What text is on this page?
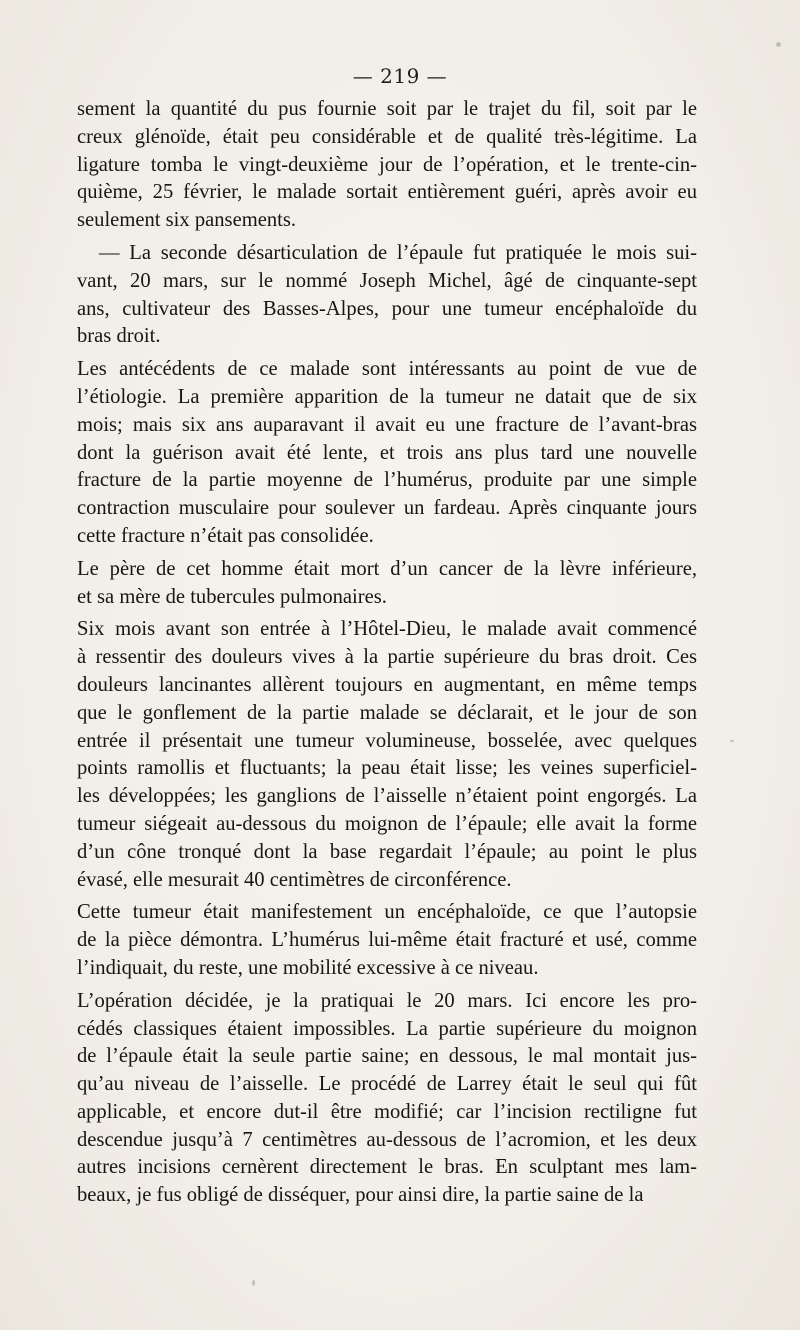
— 219 —
sement la quantité du pus fournie soit par le trajet du fil, soit par le
creux glénoïde, était peu considérable et de qualité très-légitime. La
ligature tomba le vingt-deuxième jour de l’opération, et le trente-cin-
quième, 25 février, le malade sortait entièrement guéri, après avoir eu
seulement six pansements.
— La seconde désarticulation de l’épaule fut pratiquée le mois sui-
vant, 20 mars, sur le nommé Joseph Michel, âgé de cinquante-sept
ans, cultivateur des Basses-Alpes, pour une tumeur encéphaloïde du
bras droit.
Les antécédents de ce malade sont intéressants au point de vue de
l’étiologie. La première apparition de la tumeur ne datait que de six
mois; mais six ans auparavant il avait eu une fracture de l’avant-bras
dont la guérison avait été lente, et trois ans plus tard une nouvelle
fracture de la partie moyenne de l’humérus, produite par une simple
contraction musculaire pour soulever un fardeau. Après cinquante jours
cette fracture n’était pas consolidée.
Le père de cet homme était mort d’un cancer de la lèvre inférieure,
et sa mère de tubercules pulmonaires.
Six mois avant son entrée à l’Hôtel-Dieu, le malade avait commencé
à ressentir des douleurs vives à la partie supérieure du bras droit. Ces
douleurs lancinantes allèrent toujours en augmentant, en même temps
que le gonflement de la partie malade se déclarait, et le jour de son
entrée il présentait une tumeur volumineuse, bosselée, avec quelques
points ramollis et fluctuants; la peau était lisse; les veines superficiel-
les développées; les ganglions de l’aisselle n’étaient point engorgés. La
tumeur siégeait au-dessous du moignon de l’épaule; elle avait la forme
d’un cône tronqué dont la base regardait l’épaule; au point le plus
évasé, elle mesurait 40 centimètres de circonférence.
Cette tumeur était manifestement un encéphaloïde, ce que l’autopsie
de la pièce démontra. L’humérus lui-même était fracturé et usé, comme
l’indiquait, du reste, une mobilité excessive à ce niveau.
L’opération décidée, je la pratiquai le 20 mars. Ici encore les pro-
cédés classiques étaient impossibles. La partie supérieure du moignon
de l’épaule était la seule partie saine; en dessous, le mal montait jus-
qu’au niveau de l’aisselle. Le procédé de Larrey était le seul qui fût
applicable, et encore dut-il être modifié; car l’incision rectiligne fut
descendue jusqu’à 7 centimètres au-dessous de l’acromion, et les deux
autres incisions cernèrent directement le bras. En sculptant mes lam-
beaux, je fus obligé de disséquer, pour ainsi dire, la partie saine de la
